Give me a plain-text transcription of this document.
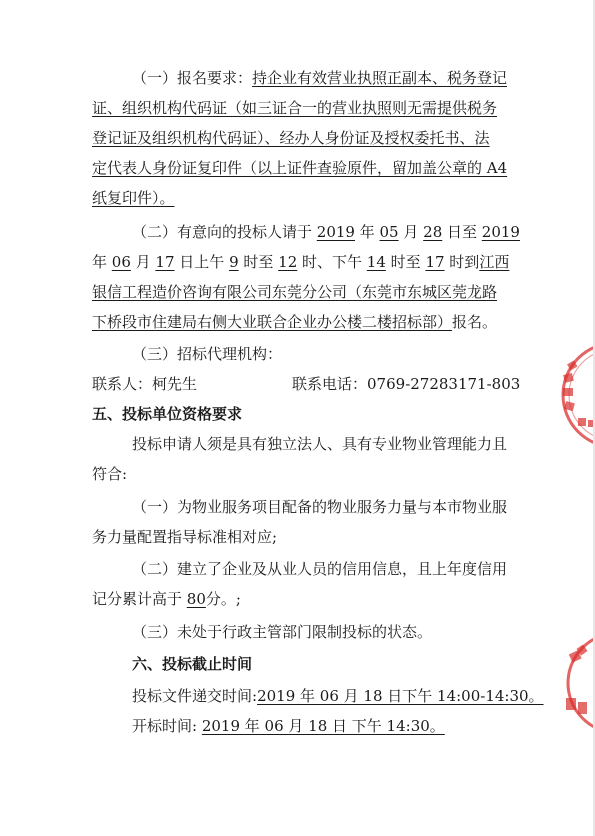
（一）报名要求：持企业有效营业执照正副本、税务登记
证、组织机构代码证（如三证合一的营业执照则无需提供税务
登记证及组织机构代码证）、经办人身份证及授权委托书、法
定代表人身份证复印件（以上证件查验原件，留加盖公章的 A4
纸复印件）。
（二）有意向的投标人请于 2019 年 05 月 28 日至 2019
年 06 月 17 日上午 9 时至 12 时、下午 14 时至 17 时到江西
银信工程造价咨询有限公司东莞分公司（东莞市东城区莞龙路
下桥段市住建局右侧大业联合企业办公楼二楼招标部）报名。
（三）招标代理机构：
联系人：柯先生	联系电话：0769-27283171-803
五、投标单位资格要求
投标申请人须是具有独立法人、具有专业物业管理能力且
符合:
（一）为物业服务项目配备的物业服务力量与本市物业服
务力量配置指导标准相对应;
（二）建立了企业及从业人员的信用信息，且上年度信用
记分累计高于 80分。;
（三）未处于行政主管部门限制投标的状态。
六、投标截止时间
投标文件递交时间:2019 年 06 月 18 日下午 14:00-14:30。
开标时间: 2019 年 06 月 18 日 下午 14:30。
